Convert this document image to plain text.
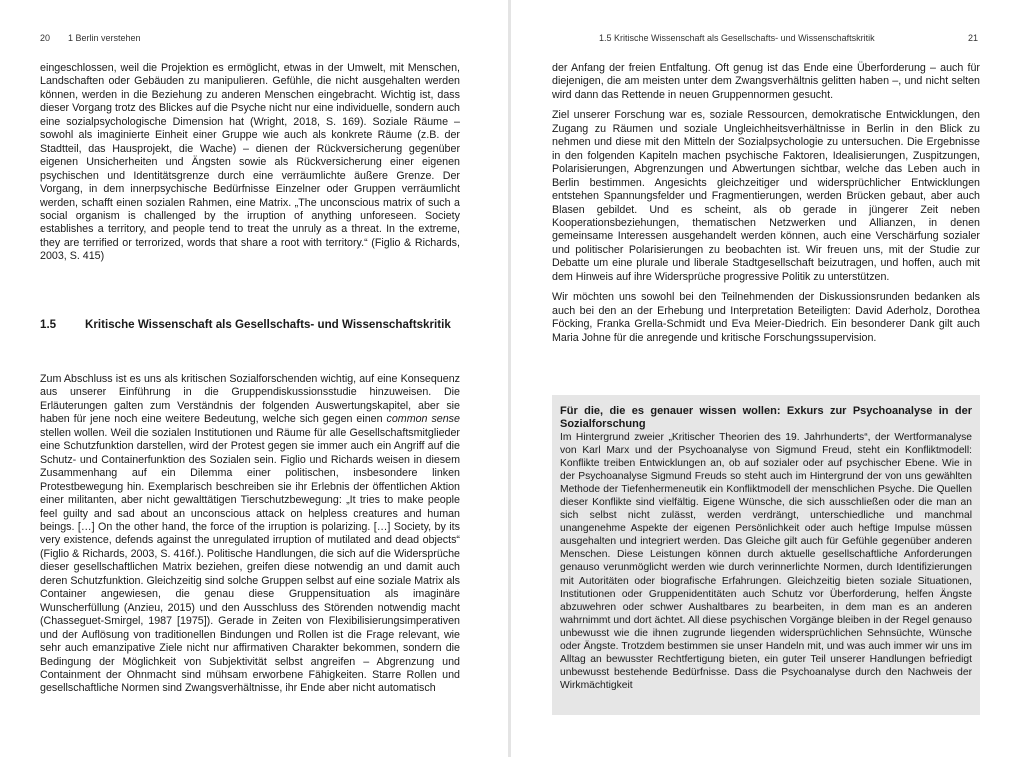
20 1 Berlin verstehen	1.5 Kritische Wissenschaft als Gesellschafts- und Wissenschaftskritik	21

eingeschlossen, weil die Projektion es ermöglicht, etwas in der Umwelt, mit Menschen, Landschaften oder Gebäuden zu manipulieren. Gefühle, die nicht ausgehalten werden können, werden in die Beziehung zu anderen Menschen eingebracht. Wichtig ist, dass dieser Vorgang trotz des Blickes auf die Psyche nicht nur eine individuelle, sondern auch eine sozialpsychologische Dimension hat (Wright, 2018, S. 169). Soziale Räume – sowohl als imaginierte Einheit einer Gruppe wie auch als konkrete Räume (z.B. der Stadtteil, das Hausprojekt, die Wache) – dienen der Rückversicherung gegenüber eigenen Unsicherheiten und Ängsten sowie als Rückversicherung einer eigenen psychischen und Identitätsgrenze durch eine verräumlichte äußere Grenze. Der Vorgang, in dem innerpsychische Bedürfnisse Einzelner oder Gruppen verräumlicht werden, schafft einen sozialen Rahmen, eine Matrix. „The unconscious matrix of such a social organism is challenged by the irruption of anything unforeseen. Society establishes a territory, and people tend to treat the unruly as a threat. In the extreme, they are terrified or terrorized, words that share a root with territory.“ (Figlio & Richards, 2003, S. 415)

1.5	Kritische Wissenschaft als Gesellschafts- und Wissenschaftskritik

Zum Abschluss ist es uns als kritischen Sozialforschenden wichtig, auf eine Konsequenz aus unserer Einführung in die Gruppendiskussionsstudie hinzuweisen. Die Erläuterungen galten zum Verständnis der folgenden Auswertungskapitel, aber sie haben für jene noch eine weitere Bedeutung, welche sich gegen einen common sense stellen wollen. Weil die sozialen Institutionen und Räume für alle Gesellschaftsmitglieder eine Schutzfunktion darstellen, wird der Protest gegen sie immer auch ein Angriff auf die Schutz- und Containerfunktion des Sozialen sein. Figlio und Richards weisen in diesem Zusammenhang auf ein Dilemma einer politischen, insbesondere linken Protestbewegung hin. Exemplarisch beschreiben sie ihr Erlebnis der öffentlichen Aktion einer militanten, aber nicht gewalttätigen Tierschutzbewegung: „It tries to make people feel guilty and sad about an unconscious attack on helpless creatures and human beings. […] On the other hand, the force of the irruption is polarizing. […] Society, by its very existence, defends against the unregulated irruption of mutilated and dead objects“ (Figlio & Richards, 2003, S. 416f.). Politische Handlungen, die sich auf die Widersprüche dieser gesellschaftlichen Matrix beziehen, greifen diese notwendig an und damit auch deren Schutzfunktion. Gleichzeitig sind solche Gruppen selbst auf eine soziale Matrix als Container angewiesen, die genau diese Gruppensituation als imaginäre Wunscherfüllung (Anzieu, 2015) und den Ausschluss des Störenden notwendig macht (Chasseguet-Smirgel, 1987 [1975]). Gerade in Zeiten von Flexibilisierungsimperativen und der Auflösung von traditionellen Bindungen und Rollen ist die Frage relevant, wie sehr auch emanzipative Ziele nicht nur affirmativen Charakter bekommen, sondern die Bedingung der Möglichkeit von Subjektivität selbst angreifen – Abgrenzung und Containment der Ohnmacht sind mühsam erworbene Fähigkeiten. Starre Rollen und gesellschaftliche Normen sind Zwangsverhältnisse, ihr Ende aber nicht automatisch

der Anfang der freien Entfaltung. Oft genug ist das Ende eine Überforderung – auch für diejenigen, die am meisten unter dem Zwangsverhältnis gelitten haben –, und nicht selten wird dann das Rettende in neuen Gruppennormen gesucht.

Ziel unserer Forschung war es, soziale Ressourcen, demokratische Entwicklungen, den Zugang zu Räumen und soziale Ungleichheitsverhältnisse in Berlin in den Blick zu nehmen und diese mit den Mitteln der Sozialpsychologie zu untersuchen. Die Ergebnisse in den folgenden Kapiteln machen psychische Faktoren, Idealisierungen, Zuspitzungen, Polarisierungen, Abgrenzungen und Abwertungen sichtbar, welche das Leben auch in Berlin bestimmen. Angesichts gleichzeitiger und widersprüchlicher Entwicklungen entstehen Spannungsfelder und Fragmentierungen, werden Brücken gebaut, aber auch Blasen gebildet. Und es scheint, als ob gerade in jüngerer Zeit neben Kooperationsbeziehungen, thematischen Netzwerken und Allianzen, in denen gemeinsame Interessen ausgehandelt werden können, auch eine Verschärfung sozialer und politischer Polarisierungen zu beobachten ist. Wir freuen uns, mit der Studie zur Debatte um eine plurale und liberale Stadtgesellschaft beizutragen, und hoffen, auch mit dem Hinweis auf ihre Widersprüche progressive Politik zu unterstützen.

Wir möchten uns sowohl bei den Teilnehmenden der Diskussionsrunden bedanken als auch bei den an der Erhebung und Interpretation Beteiligten: David Aderholz, Dorothea Föcking, Franka Grella-Schmidt und Eva Meier-Diedrich. Ein besonderer Dank gilt auch Maria Johne für die anregende und kritische Forschungssupervision.

Für die, die es genauer wissen wollen: Exkurs zur Psychoanalyse in der Sozialforschung
Im Hintergrund zweier „Kritischer Theorien des 19. Jahrhunderts“, der Wertformanalyse von Karl Marx und der Psychoanalyse von Sigmund Freud, steht ein Konfliktmodell: Konflikte treiben Entwicklungen an, ob auf sozialer oder auf psychischer Ebene. Wie in der Psychoanalyse Sigmund Freuds so steht auch im Hintergrund der von uns gewählten Methode der Tiefenhermeneutik ein Konfliktmodell der menschlichen Psyche. Die Quellen dieser Konflikte sind vielfältig. Eigene Wünsche, die sich ausschließen oder die man an sich selbst nicht zulässt, werden verdrängt, unterschiedliche und manchmal unangenehme Aspekte der eigenen Persönlichkeit oder auch heftige Impulse müssen ausgehalten und integriert werden. Das Gleiche gilt auch für Gefühle gegenüber anderen Menschen. Diese Leistungen können durch aktuelle gesellschaftliche Anforderungen genauso verunmöglicht werden wie durch verinnerlichte Normen, durch Identifizierungen mit Autoritäten oder biografische Erfahrungen. Gleichzeitig bieten soziale Situationen, Institutionen oder Gruppenidentitäten auch Schutz vor Überforderung, helfen Ängste abzuwehren oder schwer Aushaltbares zu bearbeiten, in dem man es an anderen wahrnimmt und dort ächtet. All diese psychischen Vorgänge bleiben in der Regel genauso unbewusst wie die ihnen zugrunde liegenden widersprüchlichen Sehnsüchte, Wünsche oder Ängste. Trotzdem bestimmen sie unser Handeln mit, und was auch immer wir uns im Alltag an bewusster Rechtfertigung bieten, ein guter Teil unserer Handlungen befriedigt unbewusst bestehende Bedürfnisse. Dass die Psychoanalyse durch den Nachweis der Wirkmächtigkeit
